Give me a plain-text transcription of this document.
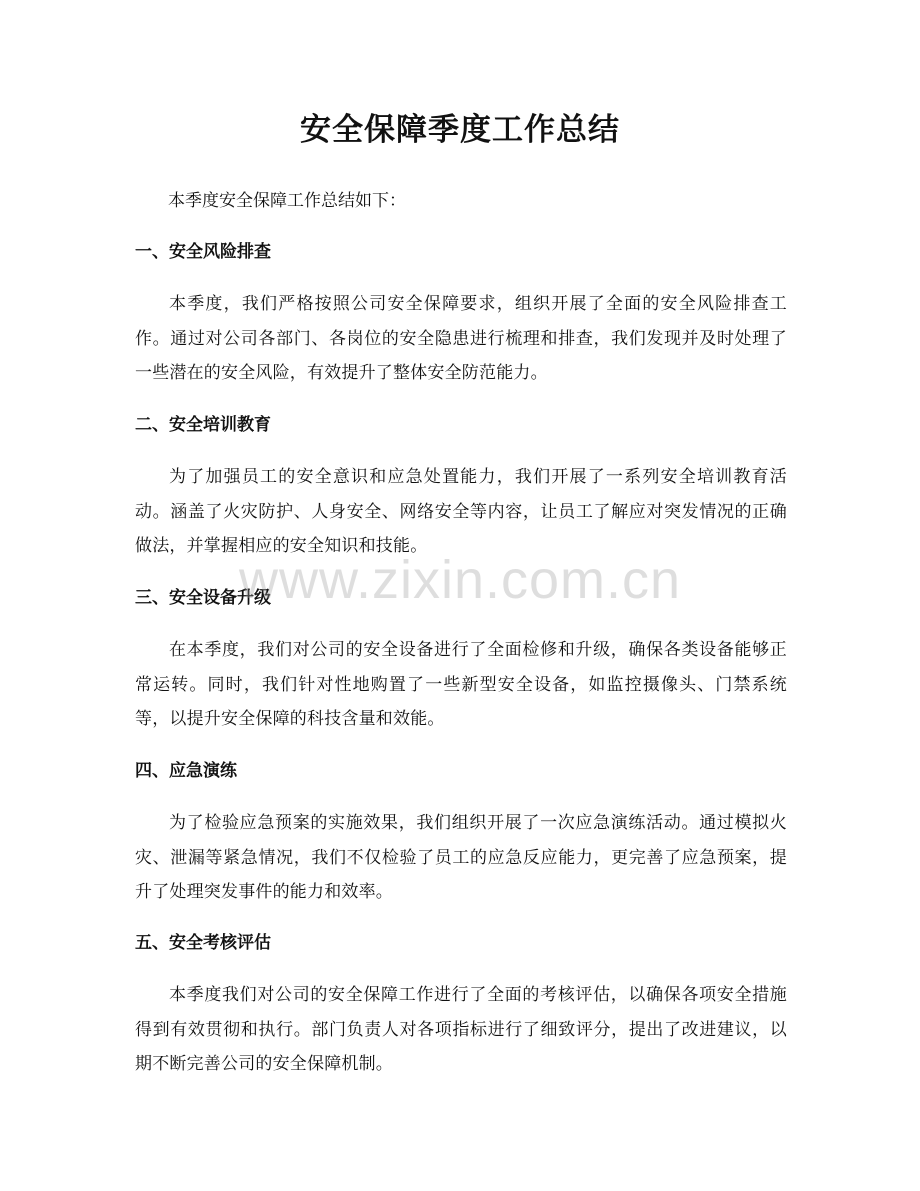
安全保障季度工作总结

本季度安全保障工作总结如下：

一、安全风险排查

本季度，我们严格按照公司安全保障要求，组织开展了全面的安全风险排查工作。通过对公司各部门、各岗位的安全隐患进行梳理和排查，我们发现并及时处理了一些潜在的安全风险，有效提升了整体安全防范能力。

二、安全培训教育

为了加强员工的安全意识和应急处置能力，我们开展了一系列安全培训教育活动。涵盖了火灾防护、人身安全、网络安全等内容，让员工了解应对突发情况的正确做法，并掌握相应的安全知识和技能。

三、安全设备升级

在本季度，我们对公司的安全设备进行了全面检修和升级，确保各类设备能够正常运转。同时，我们针对性地购置了一些新型安全设备，如监控摄像头、门禁系统等，以提升安全保障的科技含量和效能。

四、应急演练

为了检验应急预案的实施效果，我们组织开展了一次应急演练活动。通过模拟火灾、泄漏等紧急情况，我们不仅检验了员工的应急反应能力，更完善了应急预案，提升了处理突发事件的能力和效率。

五、安全考核评估

本季度我们对公司的安全保障工作进行了全面的考核评估，以确保各项安全措施得到有效贯彻和执行。部门负责人对各项指标进行了细致评分，提出了改进建议，以期不断完善公司的安全保障机制。

www.zixin.com.cn
